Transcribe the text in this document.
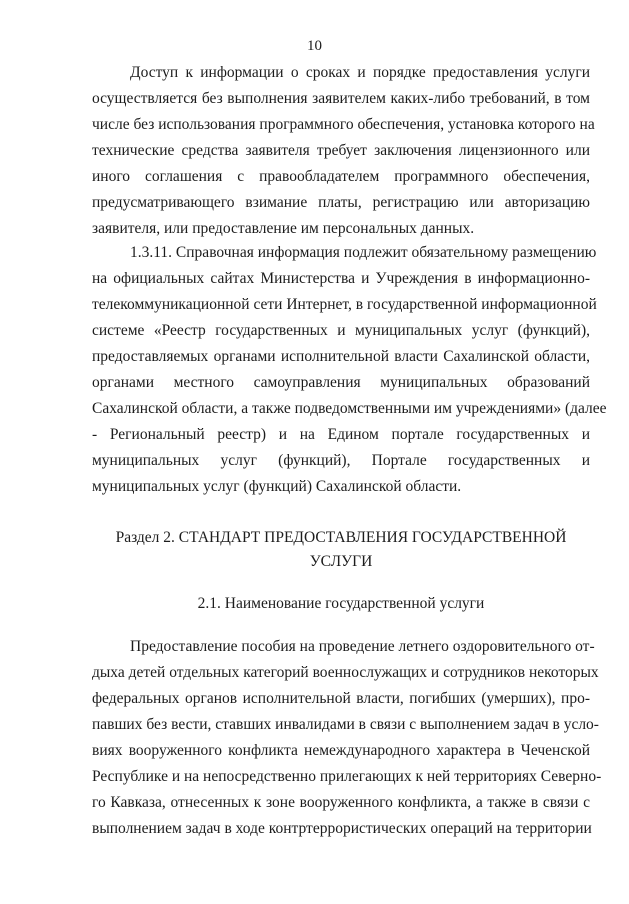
10
Доступ к информации о сроках и порядке предоставления услуги
осуществляется без выполнения заявителем каких-либо требований, в том
числе без использования программного обеспечения, установка которого на
технические средства заявителя требует заключения лицензионного или
иного соглашения с правообладателем программного обеспечения,
предусматривающего взимание платы, регистрацию или авторизацию
заявителя, или предоставление им персональных данных.
1.3.11. Справочная информация подлежит обязательному размещению
на официальных сайтах Министерства и Учреждения в информационно-
телекоммуникационной сети Интернет, в государственной информационной
системе «Реестр государственных и муниципальных услуг (функций),
предоставляемых органами исполнительной власти Сахалинской области,
органами местного самоуправления муниципальных образований
Сахалинской области, а также подведомственными им учреждениями» (далее
- Региональный реестр) и на Едином портале государственных и
муниципальных услуг (функций), Портале государственных и
муниципальных услуг (функций) Сахалинской области.
Раздел 2. СТАНДАРТ ПРЕДОСТАВЛЕНИЯ ГОСУДАРСТВЕННОЙ
УСЛУГИ
2.1. Наименование государственной услуги
Предоставление пособия на проведение летнего оздоровительного от-
дыха детей отдельных категорий военнослужащих и сотрудников некоторых
федеральных органов исполнительной власти, погибших (умерших), про-
павших без вести, ставших инвалидами в связи с выполнением задач в усло-
виях вооруженного конфликта немеждународного характера в Чеченской
Республике и на непосредственно прилегающих к ней территориях Северно-
го Кавказа, отнесенных к зоне вооруженного конфликта, а также в связи с
выполнением задач в ходе контртеррористических операций на территории
